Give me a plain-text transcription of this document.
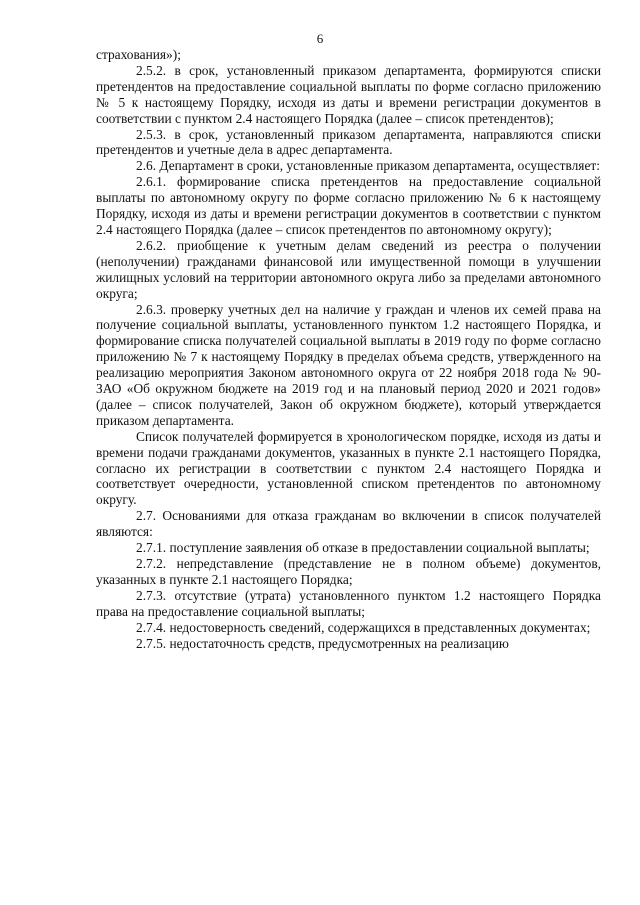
6

страхования»);

2.5.2. в срок, установленный приказом департамента, формируются списки претендентов на предоставление социальной выплаты по форме согласно приложению № 5 к настоящему Порядку, исходя из даты и времени регистрации документов в соответствии с пунктом 2.4 настоящего Порядка (далее – список претендентов);

2.5.3. в срок, установленный приказом департамента, направляются списки претендентов и учетные дела в адрес департамента.

2.6. Департамент в сроки, установленные приказом департамента, осуществляет:

2.6.1. формирование списка претендентов на предоставление социальной выплаты по автономному округу по форме согласно приложению № 6 к настоящему Порядку, исходя из даты и времени регистрации документов в соответствии с пунктом 2.4 настоящего Порядка (далее – список претендентов по автономному округу);

2.6.2. приобщение к учетным делам сведений из реестра о получении (неполучении) гражданами финансовой или имущественной помощи в улучшении жилищных условий на территории автономного округа либо за пределами автономного округа;

2.6.3. проверку учетных дел на наличие у граждан и членов их семей права на получение социальной выплаты, установленного пунктом 1.2 настоящего Порядка, и формирование списка получателей социальной выплаты в 2019 году по форме согласно приложению № 7 к настоящему Порядку в пределах объема средств, утвержденного на реализацию мероприятия Законом автономного округа от 22 ноября 2018 года № 90-ЗАО «Об окружном бюджете на 2019 год и на плановый период 2020 и 2021 годов» (далее – список получателей, Закон об окружном бюджете), который утверждается приказом департамента.

Список получателей формируется в хронологическом порядке, исходя из даты и времени подачи гражданами документов, указанных в пункте 2.1 настоящего Порядка, согласно их регистрации в соответствии с пунктом 2.4 настоящего Порядка и соответствует очередности, установленной списком претендентов по автономному округу.

2.7. Основаниями для отказа гражданам во включении в список получателей являются:

2.7.1. поступление заявления об отказе в предоставлении социальной выплаты;

2.7.2. непредставление (представление не в полном объеме) документов, указанных в пункте 2.1 настоящего Порядка;

2.7.3. отсутствие (утрата) установленного пунктом 1.2 настоящего Порядка права на предоставление социальной выплаты;

2.7.4. недостоверность сведений, содержащихся в представленных документах;

2.7.5. недостаточность средств, предусмотренных на реализацию
